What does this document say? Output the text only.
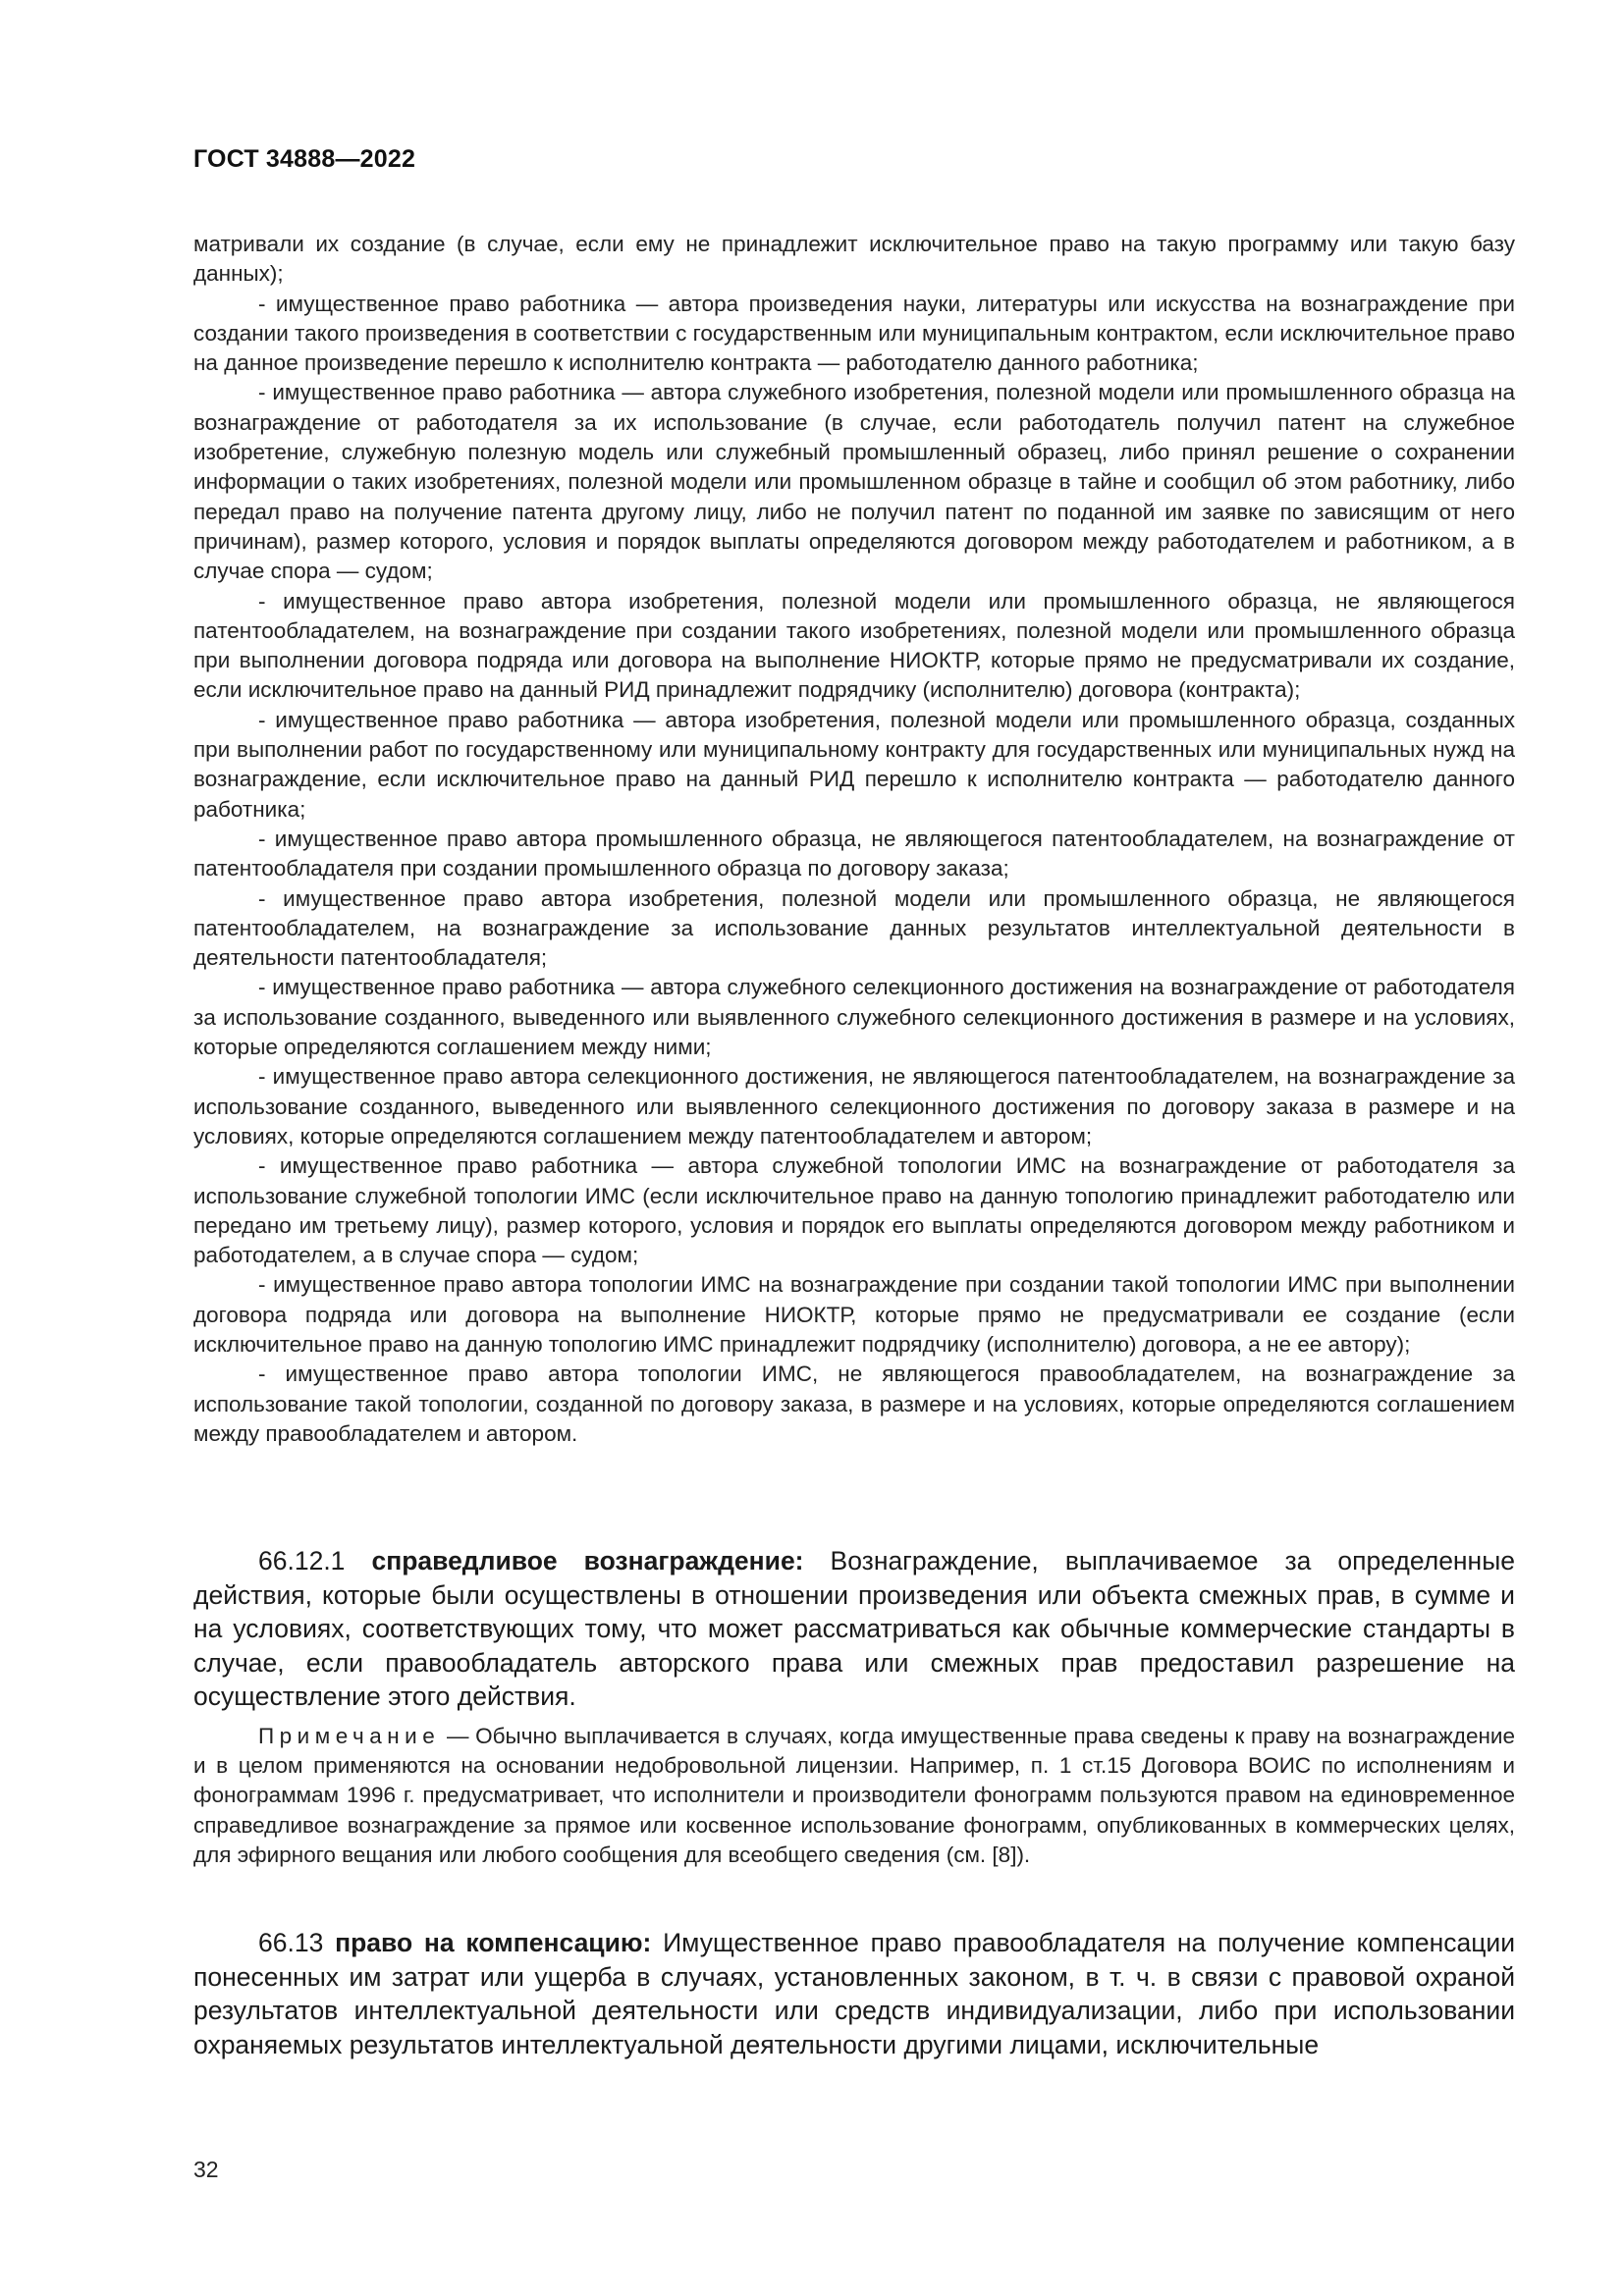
ГОСТ 34888—2022

матривали их создание (в случае, если ему не принадлежит исключительное право на такую программу или такую базу данных);

- имущественное право работника — автора произведения науки, литературы или искусства на вознаграждение при создании такого произведения в соответствии с государственным или муниципальным контрактом, если исключительное право на данное произведение перешло к исполнителю контракта — работодателю данного работника;

- имущественное право работника — автора служебного изобретения, полезной модели или промышленного образца на вознаграждение от работодателя за их использование (в случае, если работодатель получил патент на служебное изобретение, служебную полезную модель или служебный промышленный образец, либо принял решение о сохранении информации о таких изобретениях, полезной модели или промышленном образце в тайне и сообщил об этом работнику, либо передал право на получение патента другому лицу, либо не получил патент по поданной им заявке по зависящим от него причинам), размер которого, условия и порядок выплаты определяются договором между работодателем и работником, а в случае спора — судом;

- имущественное право автора изобретения, полезной модели или промышленного образца, не являющегося патентообладателем, на вознаграждение при создании такого изобретениях, полезной модели или промышленного образца при выполнении договора подряда или договора на выполнение НИОКТР, которые прямо не предусматривали их создание, если исключительное право на данный РИД принадлежит подрядчику (исполнителю) договора (контракта);

- имущественное право работника — автора изобретения, полезной модели или промышленного образца, созданных при выполнении работ по государственному или муниципальному контракту для государственных или муниципальных нужд на вознаграждение, если исключительное право на данный РИД перешло к исполнителю контракта — работодателю данного работника;

- имущественное право автора промышленного образца, не являющегося патентообладателем, на вознаграждение от патентообладателя при создании промышленного образца по договору заказа;

- имущественное право автора изобретения, полезной модели или промышленного образца, не являющегося патентообладателем, на вознаграждение за использование данных результатов интеллектуальной деятельности в деятельности патентообладателя;

- имущественное право работника — автора служебного селекционного достижения на вознаграждение от работодателя за использование созданного, выведенного или выявленного служебного селекционного достижения в размере и на условиях, которые определяются соглашением между ними;

- имущественное право автора селекционного достижения, не являющегося патентообладателем, на вознаграждение за использование созданного, выведенного или выявленного селекционного достижения по договору заказа в размере и на условиях, которые определяются соглашением между патентообладателем и автором;

- имущественное право работника — автора служебной топологии ИМС на вознаграждение от работодателя за использование служебной топологии ИМС (если исключительное право на данную топологию принадлежит работодателю или передано им третьему лицу), размер которого, условия и порядок его выплаты определяются договором между работником и работодателем, а в случае спора — судом;

- имущественное право автора топологии ИМС на вознаграждение при создании такой топологии ИМС при выполнении договора подряда или договора на выполнение НИОКТР, которые прямо не предусматривали ее создание (если исключительное право на данную топологию ИМС принадлежит подрядчику (исполнителю) договора, а не ее автору);

- имущественное право автора топологии ИМС, не являющегося правообладателем, на вознаграждение за использование такой топологии, созданной по договору заказа, в размере и на условиях, которые определяются соглашением между правообладателем и автором.

66.12.1 справедливое вознаграждение: Вознаграждение, выплачиваемое за определенные действия, которые были осуществлены в отношении произведения или объекта смежных прав, в сумме и на условиях, соответствующих тому, что может рассматриваться как обычные коммерческие стандарты в случае, если правообладатель авторского права или смежных прав предоставил разрешение на осуществление этого действия.

Примечание — Обычно выплачивается в случаях, когда имущественные права сведены к праву на вознаграждение и в целом применяются на основании недобровольной лицензии. Например, п. 1 ст.15 Договора ВОИС по исполнениям и фонограммам 1996 г. предусматривает, что исполнители и производители фонограмм пользуются правом на единовременное справедливое вознаграждение за прямое или косвенное использование фонограмм, опубликованных в коммерческих целях, для эфирного вещания или любого сообщения для всеобщего сведения (см. [8]).

66.13 право на компенсацию: Имущественное право правообладателя на получение компенсации понесенных им затрат или ущерба в случаях, установленных законом, в т. ч. в связи с правовой охраной результатов интеллектуальной деятельности или средств индивидуализации, либо при использовании охраняемых результатов интеллектуальной деятельности другими лицами, исключительные

32
